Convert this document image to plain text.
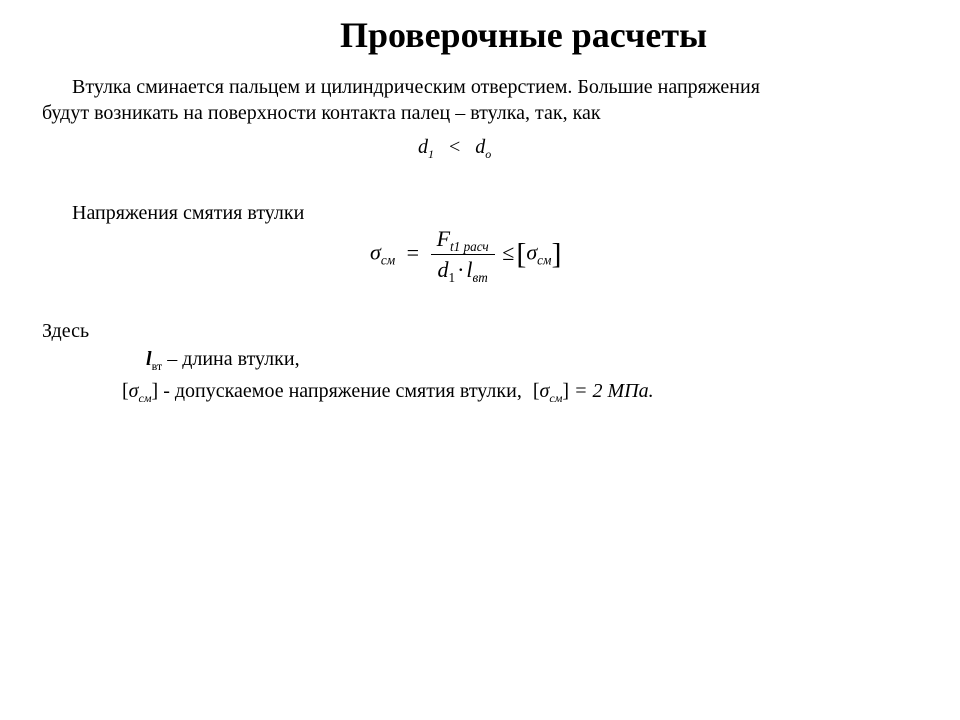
Проверочные расчеты
Втулка сминается пальцем и цилиндрическим отверстием. Большие напряжения
будут возникать на поверхности контакта палец – втулка, так, как
$d_1 < d_o$
Напряжения смятия втулки
$\sigma_{см} = \frac{F_{t1 расч}}{d_1\cdot l_{вт}} \le[\sigma_{см}]$
Здесь
$l_{вт}$ – длина втулки,
$[\sigma_{см}]$ - допускаемое напряжение смятия втулки, $[\sigma_{см}] = 2$ МПа.
